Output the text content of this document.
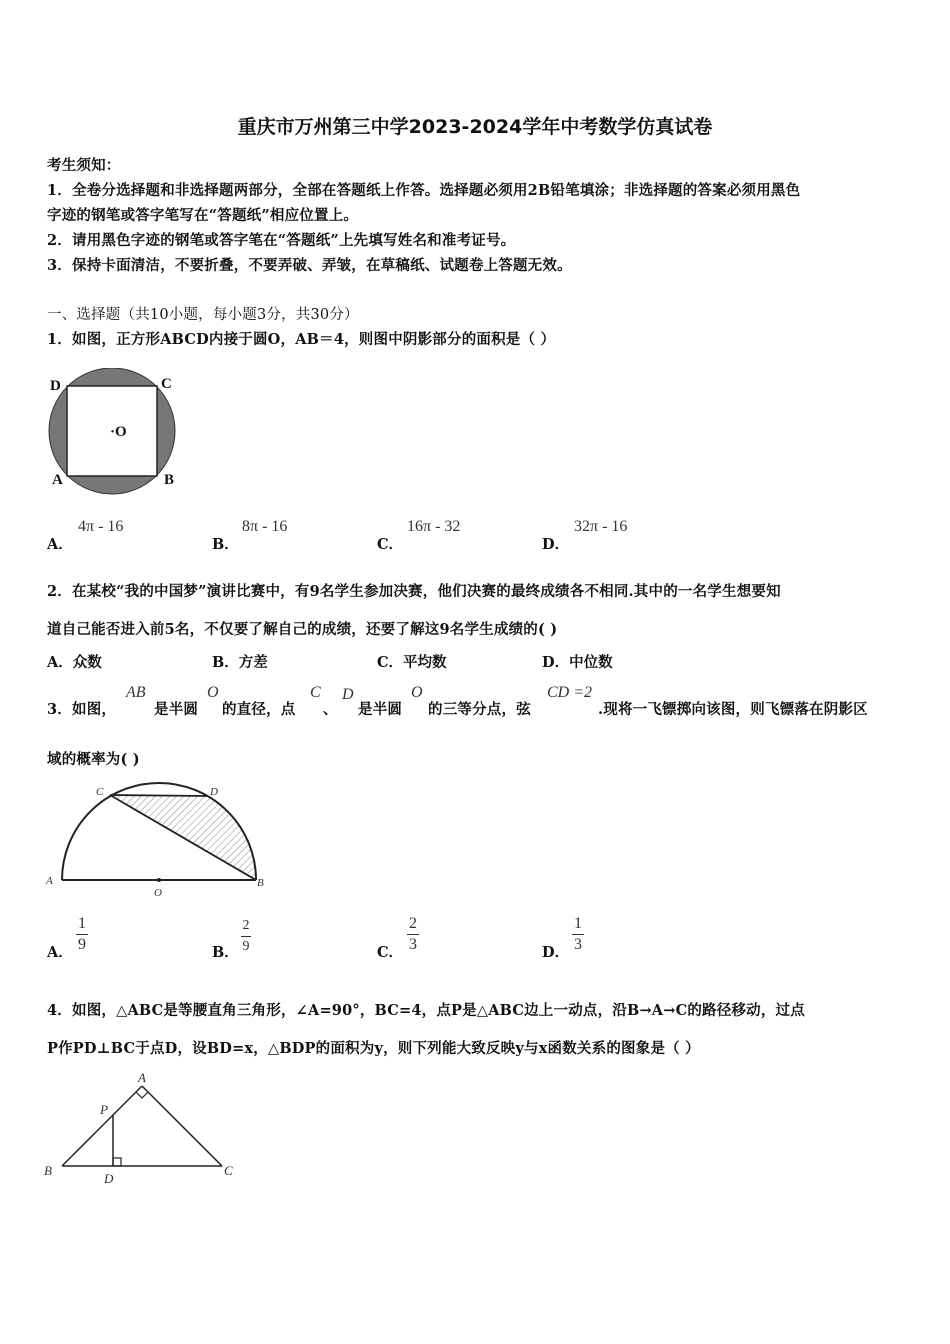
重庆市万州第三中学2023-2024学年中考数学仿真试卷
考生须知：
1．全卷分选择题和非选择题两部分，全部在答题纸上作答。选择题必须用2B铅笔填涂；非选择题的答案必须用黑色
字迹的钢笔或答字笔写在“答题纸”相应位置上。
2．请用黑色字迹的钢笔或答字笔在“答题纸”上先填写姓名和准考证号。
3．保持卡面清洁，不要折叠，不要弄破、弄皱，在草稿纸、试题卷上答题无效。
一、选择题（共10小题，每小题3分，共30分）
1．如图，正方形ABCD内接于圆O，AB＝4，则图中阴影部分的面积是（ ）
D	C
·O
A	B
A．
4π - 16
B．
8π - 16
C．
16π - 32
D．
32π - 16
2．在某校“我的中国梦”演讲比赛中，有9名学生参加决赛，他们决赛的最终成绩各不相同.其中的一名学生想要知
道自己能否进入前5名，不仅要了解自己的成绩，还要了解这9名学生成绩的( )
A．众数	B．方差	C．平均数	D．中位数
3．如图，
AB
是半圆
O
的直径，点
C
、
D
是半圆
O
的三等分点，弦
CD =2
.现将一飞镖掷向该图，则飞镖落在阴影区
域的概率为( )
A	B
C	D
O
A．
1
9	B．
2
9	C．
2
3	D．
1
3
4．如图，△ABC是等腰直角三角形，∠A=90°，BC=4，点P是△ABC边上一动点，沿B→A→C的路径移动，过点
P作PD⊥BC于点D，设BD=x，△BDP的面积为y，则下列能大致反映y与x函数关系的图象是（ ）
A
B	C
D
P
